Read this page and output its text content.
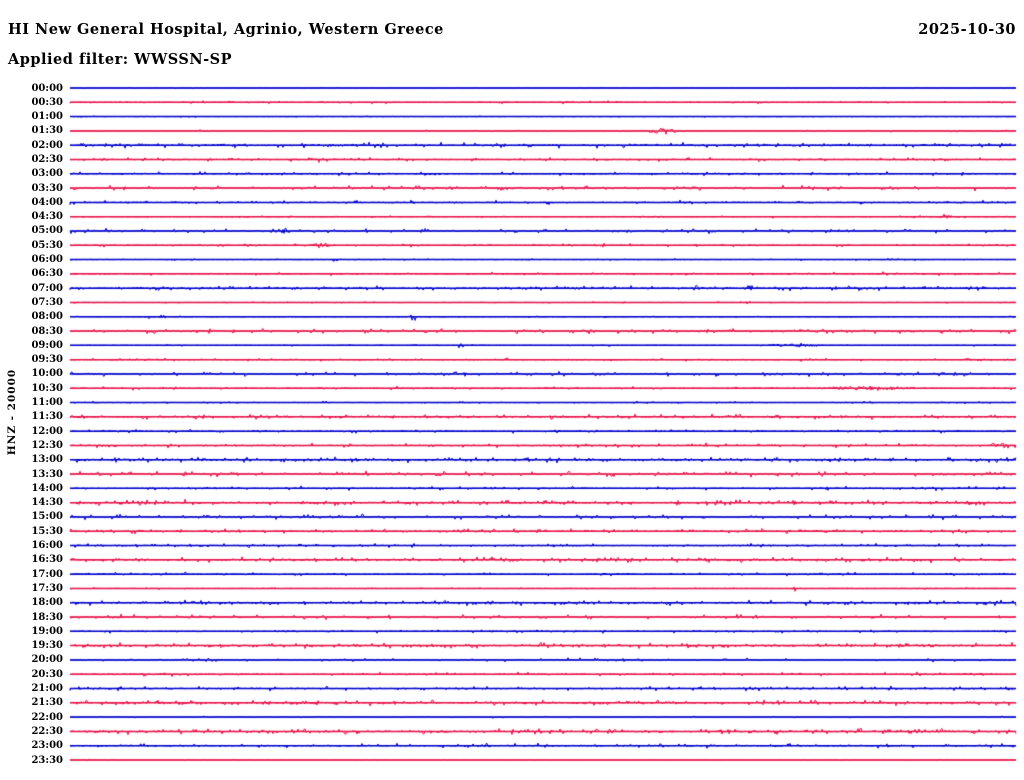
HI New General Hospital, Agrinio, Western Greece	2025-10-30
Applied filter: WWSSN-SP
HNZ - 20000
00:00
00:30
01:00
01:30
02:00
02:30
03:00
03:30
04:00
04:30
05:00
05:30
06:00
06:30
07:00
07:30
08:00
08:30
09:00
09:30
10:00
10:30
11:00
11:30
12:00
12:30
13:00
13:30
14:00
14:30
15:00
15:30
16:00
16:30
17:00
17:30
18:00
18:30
19:00
19:30
20:00
20:30
21:00
21:30
22:00
22:30
23:00
23:30
